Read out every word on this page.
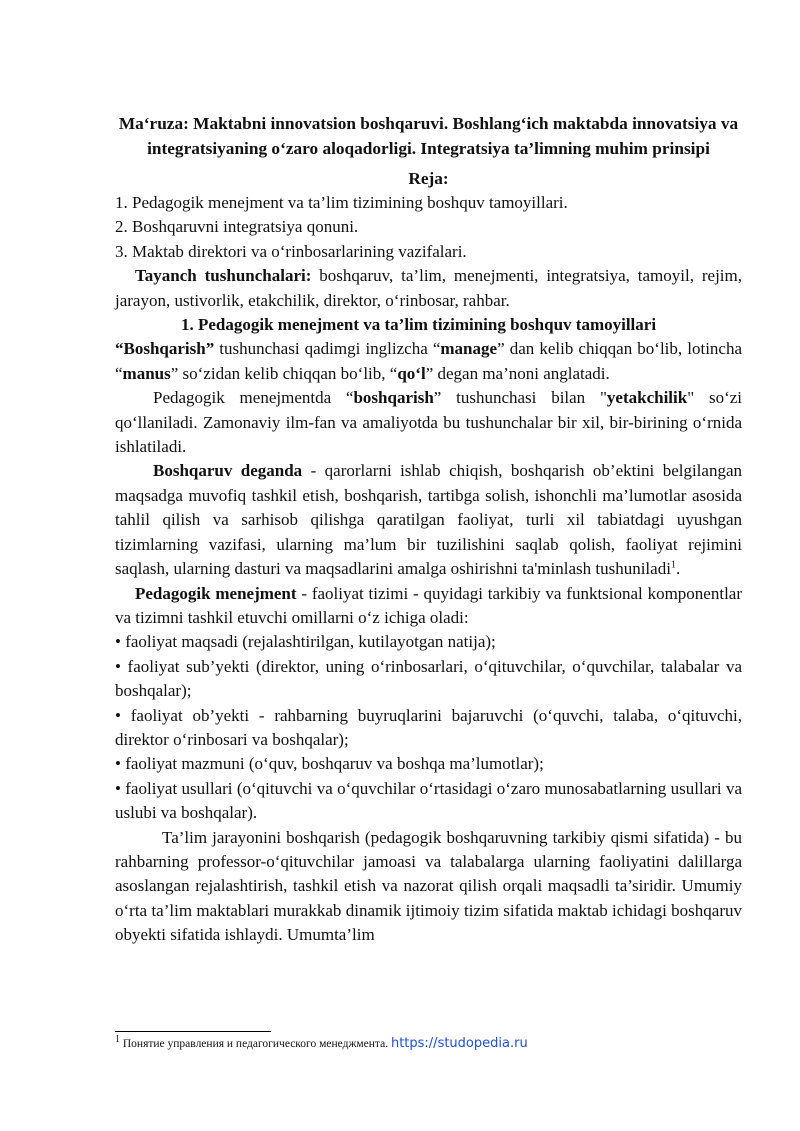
Ma‘ruza: Maktabni innovatsion boshqaruvi. Boshlang‘ich maktabda innovatsiya va integratsiyaning o‘zaro aloqadorligi. Integratsiya ta’limning muhim prinsipi

Reja:

1. Pedagogik menejment va ta’lim tizimining boshquv tamoyillari.

2. Boshqaruvni integratsiya qonuni.

3. Maktab direktori va o‘rinbosarlarining vazifalari.

Tayanch tushunchalari: boshqaruv, ta’lim, menejmenti, integratsiya, tamoyil, rejim, jarayon, ustivorlik, etakchilik, direktor, o‘rinbosar, rahbar.

1. Pedagogik menejment va ta’lim tizimining boshquv tamoyillari

“Boshqarish” tushunchasi qadimgi inglizcha “manage” dan kelib chiqqan bo‘lib, lotincha “manus” so‘zidan kelib chiqqan bo‘lib, “qo‘l” degan ma’noni anglatadi.

Pedagogik menejmentda “boshqarish” tushunchasi bilan "yetakchilik" so‘zi qo‘llaniladi. Zamonaviy ilm-fan va amaliyotda bu tushunchalar bir xil, bir-birining o‘rnida ishlatiladi.

Boshqaruv deganda - qarorlarni ishlab chiqish, boshqarish ob’ektini belgilangan maqsadga muvofiq tashkil etish, boshqarish, tartibga solish, ishonchli ma’lumotlar asosida tahlil qilish va sarhisob qilishga qaratilgan faoliyat, turli xil tabiatdagi uyushgan tizimlarning vazifasi, ularning ma’lum bir tuzilishini saqlab qolish, faoliyat rejimini saqlash, ularning dasturi va maqsadlarini amalga oshirishni ta'minlash tushuniladi$^1$.

Pedagogik menejment - faoliyat tizimi - quyidagi tarkibiy va funktsional komponentlar va tizimni tashkil etuvchi omillarni o‘z ichiga oladi:

• faoliyat maqsadi (rejalashtirilgan, kutilayotgan natija);

• faoliyat sub’yekti (direktor, uning o‘rinbosarlari, o‘qituvchilar, o‘quvchilar, talabalar va boshqalar);

• faoliyat ob’yekti - rahbarning buyruqlarini bajaruvchi (o‘quvchi, talaba, o‘qituvchi, direktor o‘rinbosari va boshqalar);

• faoliyat mazmuni (o‘quv, boshqaruv va boshqa ma’lumotlar);

• faoliyat usullari (o‘qituvchi va o‘quvchilar o‘rtasidagi o‘zaro munosabatlarning usullari va uslubi va boshqalar).

Ta’lim jarayonini boshqarish (pedagogik boshqaruvning tarkibiy qismi sifatida) - bu rahbarning professor-o‘qituvchilar jamoasi va talabalarga ularning faoliyatini dalillarga asoslangan rejalashtirish, tashkil etish va nazorat qilish orqali maqsadli ta’siridir. Umumiy o‘rta ta’lim maktablari murakkab dinamik ijtimoiy tizim sifatida maktab ichidagi boshqaruv obyekti sifatida ishlaydi. Umumta’lim

$^1$ Понятие управления и педагогического менеджмента. https://studopedia.ru
